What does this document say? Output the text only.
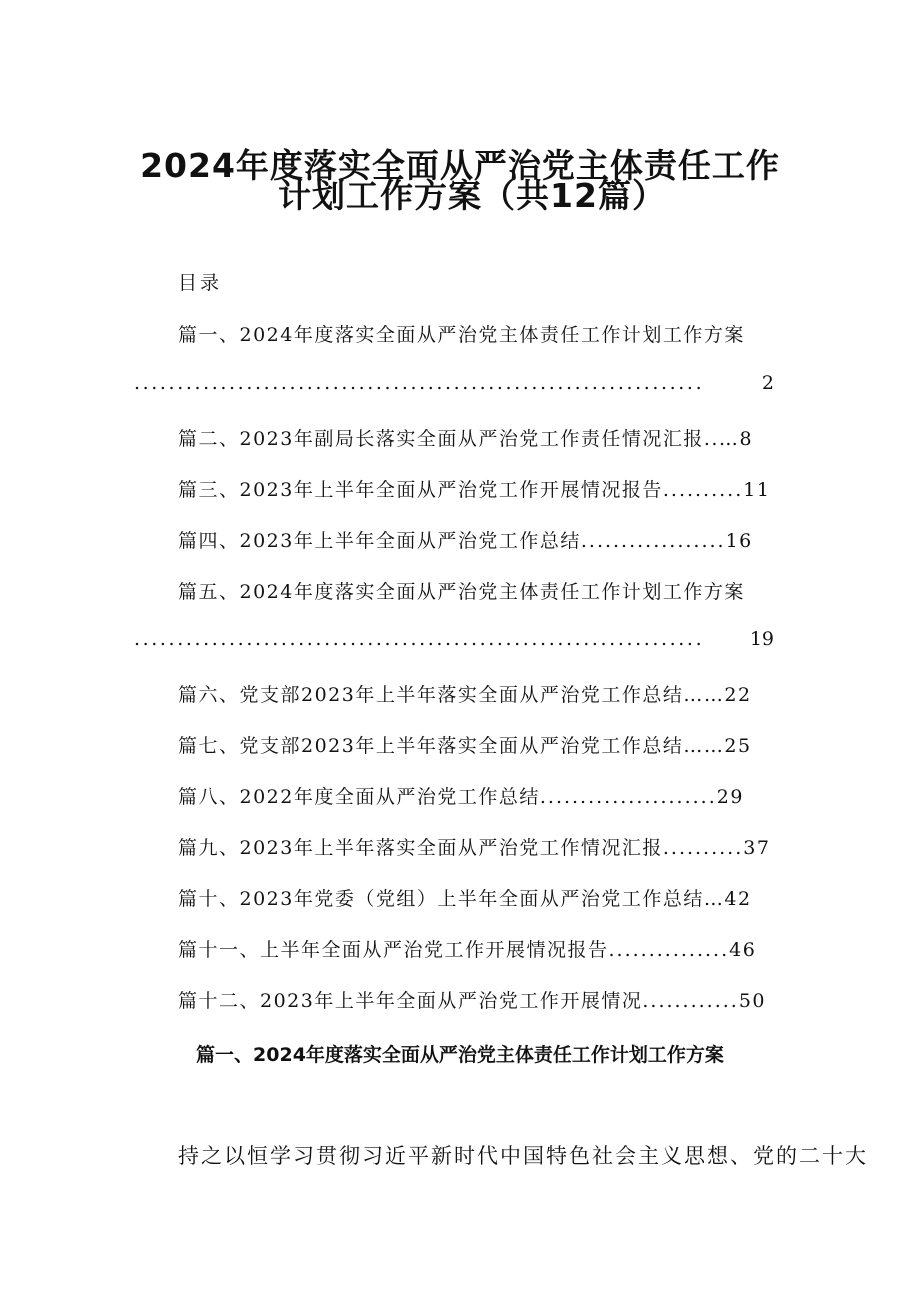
2024年度落实全面从严治党主体责任工作
计划工作方案（共12篇）
目录
篇一、2024年度落实全面从严治党主体责任工作计划工作方案
..................................................................	2
篇二、2023年副局长落实全面从严治党工作责任情况汇报..…8
篇三、2023年上半年全面从严治党工作开展情况报告..........11
篇四、2023年上半年全面从严治党工作总结..................16
篇五、2024年度落实全面从严治党主体责任工作计划工作方案
..................................................................	19
篇六、党支部2023年上半年落实全面从严治党工作总结……22
篇七、党支部2023年上半年落实全面从严治党工作总结……25
篇八、2022年度全面从严治党工作总结......................29
篇九、2023年上半年落实全面从严治党工作情况汇报..........37
篇十、2023年党委（党组）上半年全面从严治党工作总结…42
篇十一、上半年全面从严治党工作开展情况报告...............46
篇十二、2023年上半年全面从严治党工作开展情况............50
篇一、2024年度落实全面从严治党主体责任工作计划工作方案
持之以恒学习贯彻习近平新时代中国特色社会主义思想、党的二十大
